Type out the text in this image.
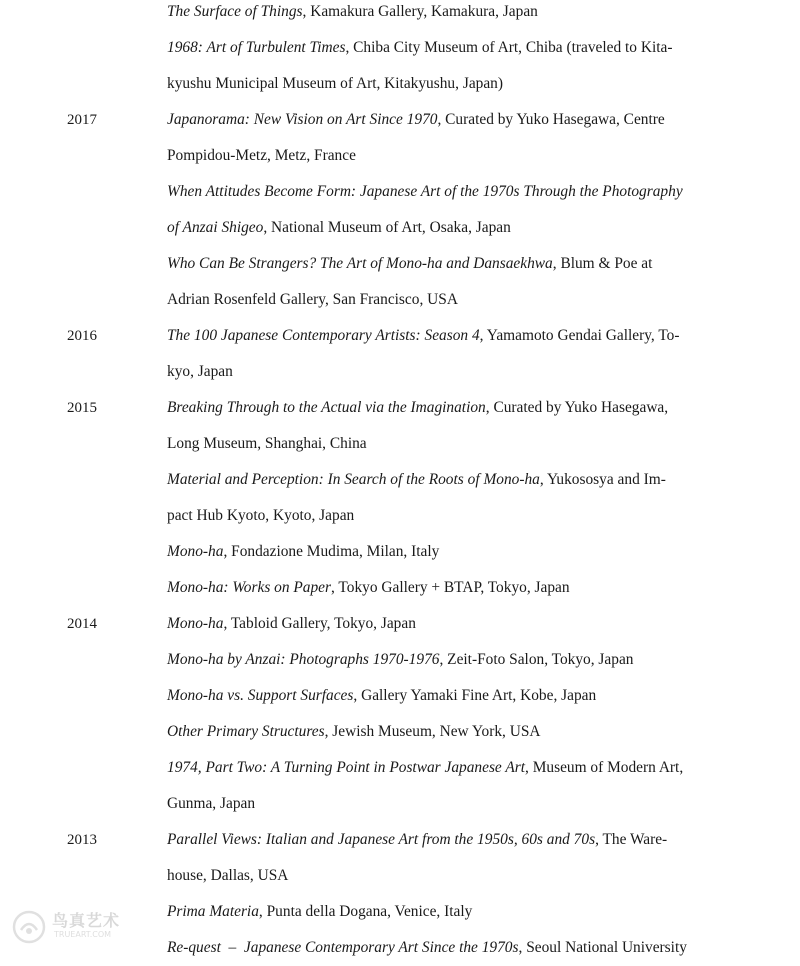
The Surface of Things, Kamakura Gallery, Kamakura, Japan
1968: Art of Turbulent Times, Chiba City Museum of Art, Chiba (traveled to Kita-
kyushu Municipal Museum of Art, Kitakyushu, Japan)
2017	Japanorama: New Vision on Art Since 1970, Curated by Yuko Hasegawa, Centre
Pompidou-Metz, Metz, France
When Attitudes Become Form: Japanese Art of the 1970s Through the Photography
of Anzai Shigeo, National Museum of Art, Osaka, Japan
Who Can Be Strangers? The Art of Mono-ha and Dansaekhwa, Blum & Poe at
Adrian Rosenfeld Gallery, San Francisco, USA
2016	The 100 Japanese Contemporary Artists: Season 4, Yamamoto Gendai Gallery, To-
kyo, Japan
2015	Breaking Through to the Actual via the Imagination, Curated by Yuko Hasegawa,
Long Museum, Shanghai, China
Material and Perception: In Search of the Roots of Mono-ha, Yukososya and Im-
pact Hub Kyoto, Kyoto, Japan
Mono-ha, Fondazione Mudima, Milan, Italy
Mono-ha: Works on Paper, Tokyo Gallery + BTAP, Tokyo, Japan
2014	Mono-ha, Tabloid Gallery, Tokyo, Japan
Mono-ha by Anzai: Photographs 1970-1976, Zeit-Foto Salon, Tokyo, Japan
Mono-ha vs. Support Surfaces, Gallery Yamaki Fine Art, Kobe, Japan
Other Primary Structures, Jewish Museum, New York, USA
1974, Part Two: A Turning Point in Postwar Japanese Art, Museum of Modern Art,
Gunma, Japan
2013	Parallel Views: Italian and Japanese Art from the 1950s, 60s and 70s, The Ware-
house, Dallas, USA
Prima Materia, Punta della Dogana, Venice, Italy
Re-quest  –  Japanese Contemporary Art Since the 1970s, Seoul National University
鸟真艺术
TRUEART.COM
